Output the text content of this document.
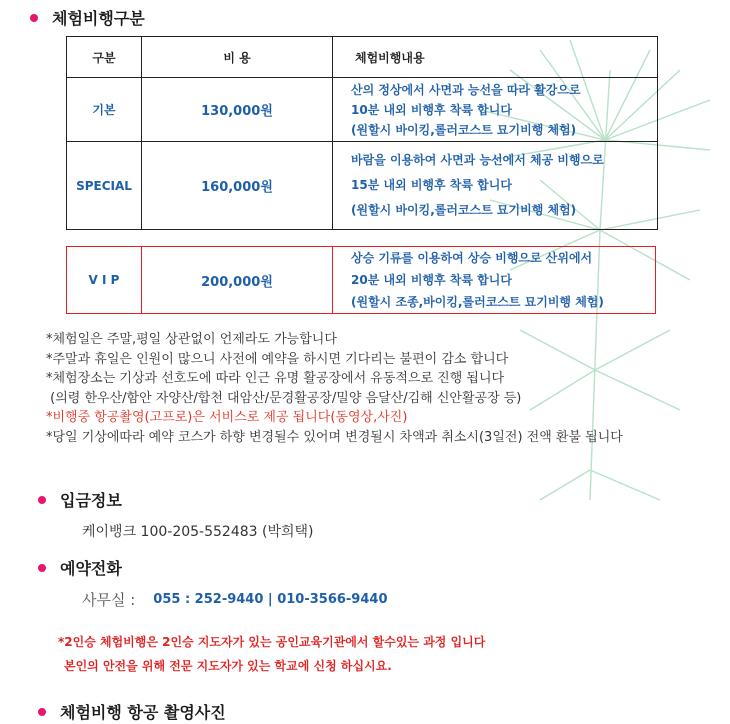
체험비행구분
구분	비 용	체험비행내용
기본	130,000원	산의 정상에서 사면과 능선을 따라 활강으로
10분 내외 비행후 착륙 합니다
(원할시 바이킹,롤러코스트 묘기비행 체험)

SPECIAL	160,000원	바람을 이용하여 사면과 능선에서 체공 비행으로
15분 내외 비행후 착륙 합니다
(원할시 바이킹,롤러코스트 묘기비행 체험)
V I P	200,000원	
상승 기류를 이용하여 상승 비행으로 산위에서
20분 내외 비행후 착륙 합니다
(원할시 조종,바이킹,롤러코스트 묘기비행 체험)
*체험일은 주말,평일 상관없이 언제라도 가능합니다
*주말과 휴일은 인원이 많으니 사전에 예약을 하시면 기다리는 불편이 감소 합니다
*체험장소는 기상과 선호도에 따라 인근 유명 활공장에서 유동적으로 진행 됩니다
(의령 한우산/함안 자양산/합천 대암산/문경활공장/밀양 음달산/김해 신안활공장 등)
*비행중 항공촬영(고프로)은 서비스로 제공 됩니다(동영상,사진)
*당일 기상에따라 예약 코스가 하향 변경될수 있어며 변경될시 차액과 취소시(3일전) 전액 환불 됩니다
입금정보
케이뱅크 100-205-552483 (박희택)
예약전화
사무실 : 055 : 252-9440 | 010-3566-9440
*2인승 체험비행은 2인승 지도자가 있는 공인교육기관에서 할수있는 과정 입니다
본인의 안전을 위해 전문 지도자가 있는 학교에 신청 하십시요.
체험비행 항공 촬영사진
